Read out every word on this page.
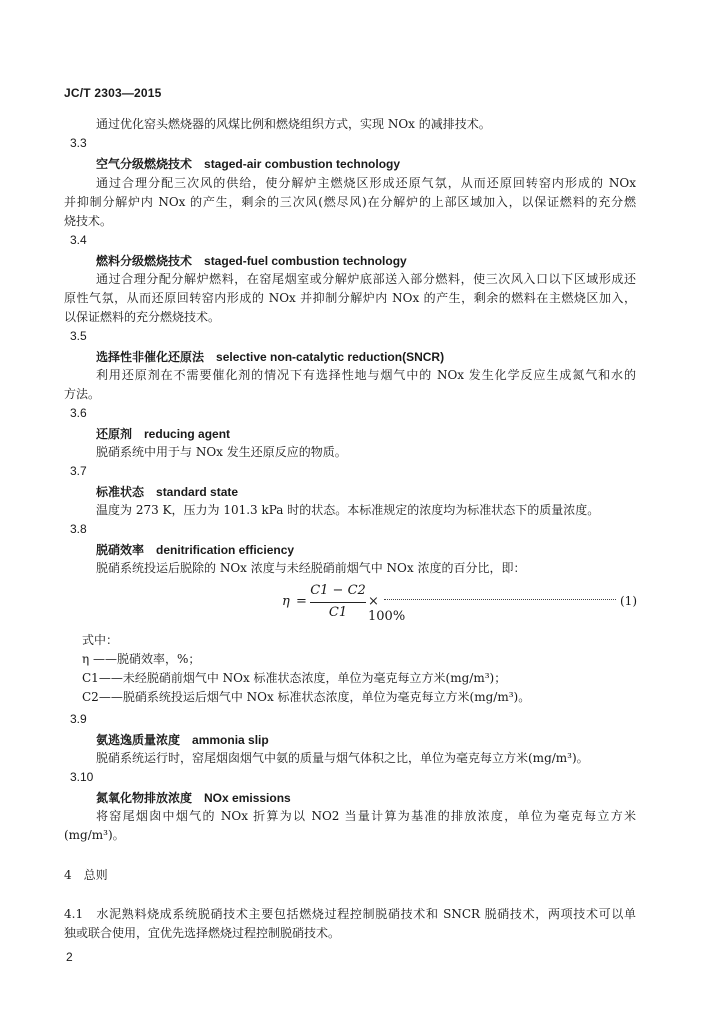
JC/T 2303—2015
通过优化窑头燃烧器的风煤比例和燃烧组织方式，实现 NOx 的减排技术。
3.3
空气分级燃烧技术 staged-air combustion technology
通过合理分配三次风的供给，使分解炉主燃烧区形成还原气氛，从而还原回转窑内形成的 NOx
并抑制分解炉内 NOx 的产生，剩余的三次风(燃尽风)在分解炉的上部区域加入，以保证燃料的充分燃
烧技术。
3.4
燃料分级燃烧技术 staged-fuel combustion technology
通过合理分配分解炉燃料，在窑尾烟室或分解炉底部送入部分燃料，使三次风入口以下区域形成还
原性气氛，从而还原回转窑内形成的 NOx 并抑制分解炉内 NOx 的产生，剩余的燃料在主燃烧区加入，
以保证燃料的充分燃烧技术。
3.5
选择性非催化还原法 selective non-catalytic reduction(SNCR)
利用还原剂在不需要催化剂的情况下有选择性地与烟气中的 NOx 发生化学反应生成氮气和水的
方法。
3.6
还原剂 reducing agent
脱硝系统中用于与 NOx 发生还原反应的物质。
3.7
标准状态 standard state
温度为 273 K，压力为 101.3 kPa 时的状态。本标准规定的浓度均为标准状态下的质量浓度。
3.8
脱硝效率 denitrification efficiency
脱硝系统投运后脱除的 NOx 浓度与未经脱硝前烟气中 NOx 浓度的百分比，即：
η =
C1 − C2
C1
× 100%
(1)
式中：
η ——脱硝效率，%；
C1——未经脱硝前烟气中 NOx 标准状态浓度，单位为毫克每立方米(mg/m³)；
C2——脱硝系统投运后烟气中 NOx 标准状态浓度，单位为毫克每立方米(mg/m³)。
3.9
氨逃逸质量浓度 ammonia slip
脱硝系统运行时，窑尾烟囱烟气中氨的质量与烟气体积之比，单位为毫克每立方米(mg/m³)。
3.10
氮氧化物排放浓度 NOx emissions
将窑尾烟囱中烟气的 NOx 折算为以 NO2 当量计算为基准的排放浓度，单位为毫克每立方米
(mg/m³)。
4　总则
4.1　水泥熟料烧成系统脱硝技术主要包括燃烧过程控制脱硝技术和 SNCR 脱硝技术，两项技术可以单
独或联合使用，宜优先选择燃烧过程控制脱硝技术。
2
